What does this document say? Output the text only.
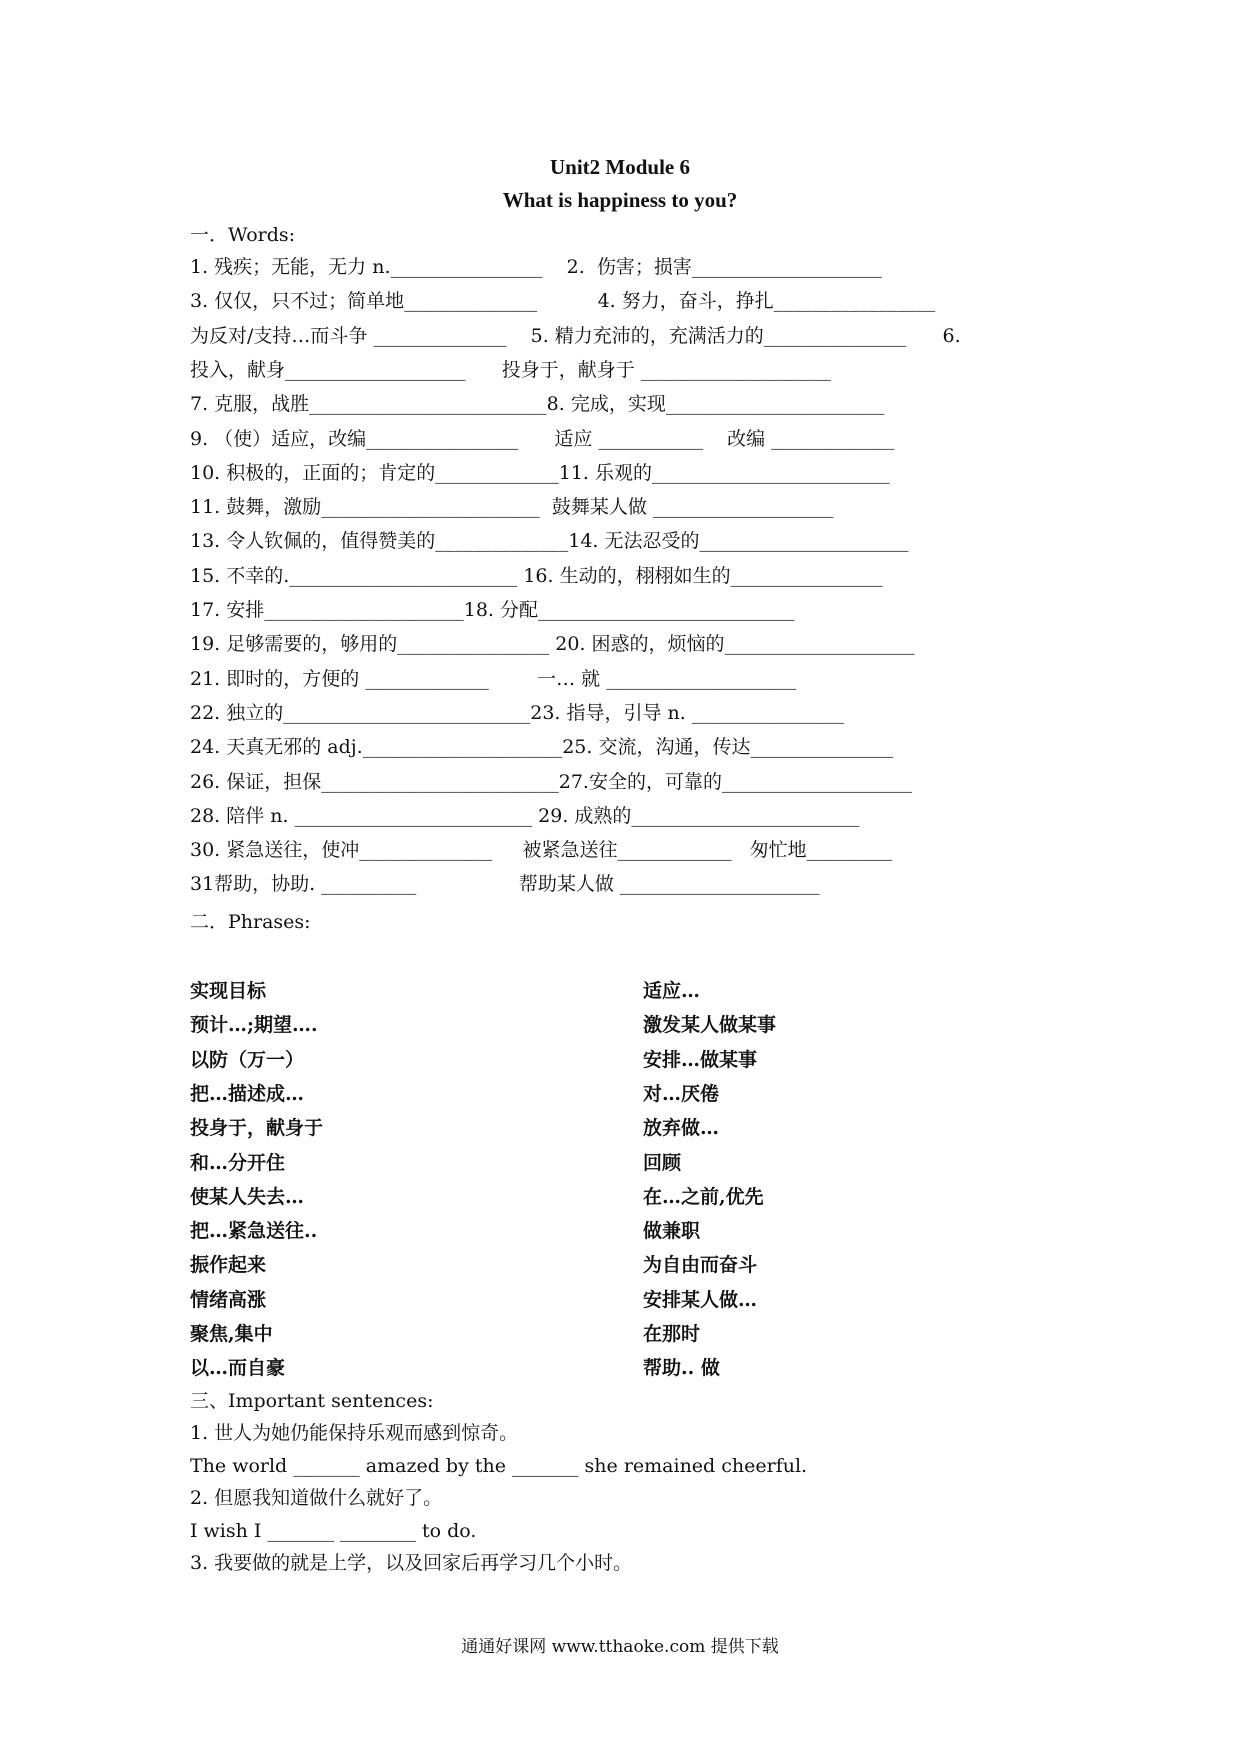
Unit2 Module 6
What is happiness to you?
一．Words:
1. 残疾；无能，无力 n.________________    2.  伤害；损害____________________
3. 仅仅，只不过；简单地______________          4. 努力，奋斗，挣扎_________________
为反对/支持…而斗争 ______________    5. 精力充沛的，充满活力的_______________      6.
投入，献身___________________      投身于，献身于 ____________________
7. 克服，战胜_________________________8. 完成，实现_______________________
9. （使）适应，改编________________      适应 ___________    改编 _____________
10. 积极的，正面的；肯定的_____________11. 乐观的_________________________
11. 鼓舞，激励_______________________  鼓舞某人做 ___________________
13. 令人钦佩的，值得赞美的______________14. 无法忍受的______________________
15. 不幸的.________________________ 16. 生动的，栩栩如生的________________
17. 安排_____________________18. 分配___________________________
19. 足够需要的，够用的________________ 20. 困惑的，烦恼的____________________
21. 即时的，方便的 _____________        一… 就 ____________________
22. 独立的__________________________23. 指导，引导 n. ________________
24. 天真无邪的 adj._____________________25. 交流，沟通，传达_______________
26. 保证，担保_________________________27.安全的，可靠的____________________
28. 陪伴 n. _________________________ 29. 成熟的________________________
30. 紧急送往，使冲______________     被紧急送往____________   匆忙地_________
31帮助，协助. __________                 帮助某人做 _____________________
二．Phrases:
实现目标
预计…;期望….
以防（万一）
把…描述成…
投身于，献身于
和…分开住
使某人失去…
把…紧急送往..
振作起来
情绪高涨
聚焦,集中
以…而自豪
适应…
激发某人做某事
安排…做某事
对…厌倦
放弃做…
回顾
在…之前,优先
做兼职
为自由而奋斗
安排某人做…
在那时
帮助.. 做
三、Important sentences:
1. 世人为她仍能保持乐观而感到惊奇。
The world _______ amazed by the _______ she remained cheerful.
2. 但愿我知道做什么就好了。
I wish I _______ ________ to do.
3. 我要做的就是上学，以及回家后再学习几个小时。
通通好课网 www.tthaoke.com 提供下载
